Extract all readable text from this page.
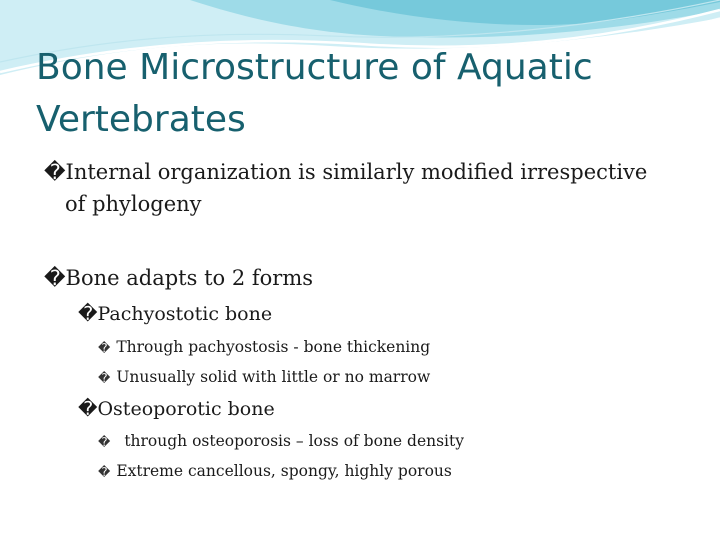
Bone Microstructure of Aquatic Vertebrates
�Internal organization is similarly modified irrespective
of phylogeny
�Bone adapts to 2 forms
�Pachyostotic bone
� Through pachyostosis - bone thickening
� Unusually solid with little or no marrow
�Osteoporotic bone
� through osteoporosis – loss of bone density
� Extreme cancellous, spongy, highly porous
